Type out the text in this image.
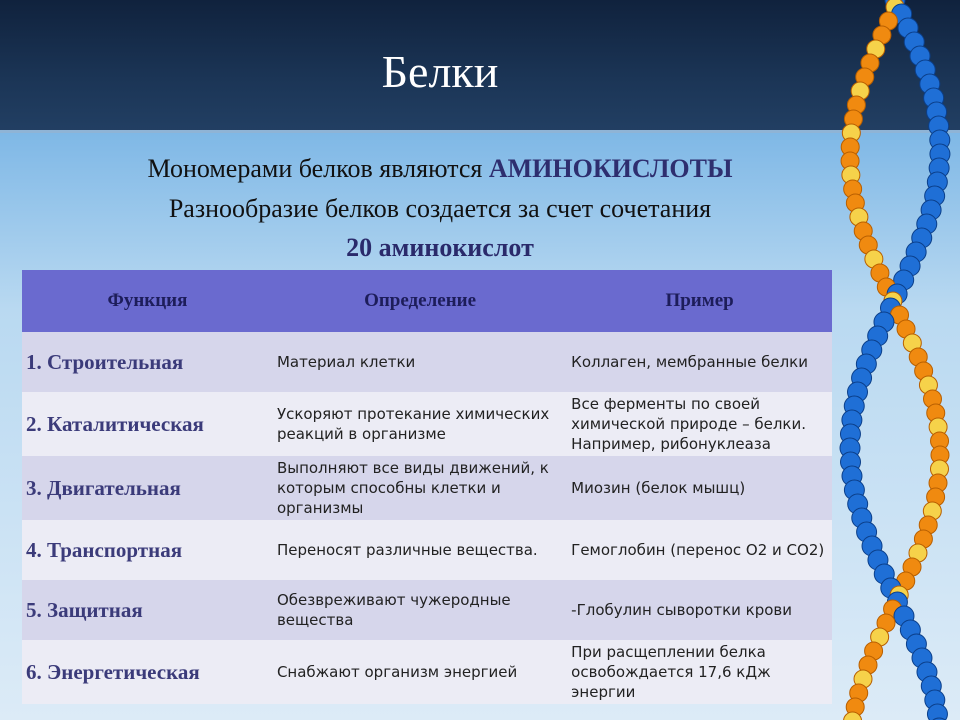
Белки
Мономерами белков являются АМИНОКИСЛОТЫ
Разнообразие белков создается за счет сочетания
20 аминокислот
Функция	Определение	Пример
1. Строительная	Материал клетки	Коллаген, мембранные белки
2. Каталитическая	Ускоряют протекание химических реакций в организме	Все ферменты по своей химической природе – белки. Например, рибонуклеаза
3. Двигательная	Выполняют все виды движений, к которым способны клетки и организмы	Миозин (белок мышц)
4. Транспортная	Переносят различные вещества.	Гемоглобин (перенос О2 и СО2)
5. Защитная	Обезвреживают чужеродные вещества	-Глобулин сыворотки крови
6. Энергетическая	Снабжают организм энергией	При расщеплении белка освобождается 17,6 кДж энергии
